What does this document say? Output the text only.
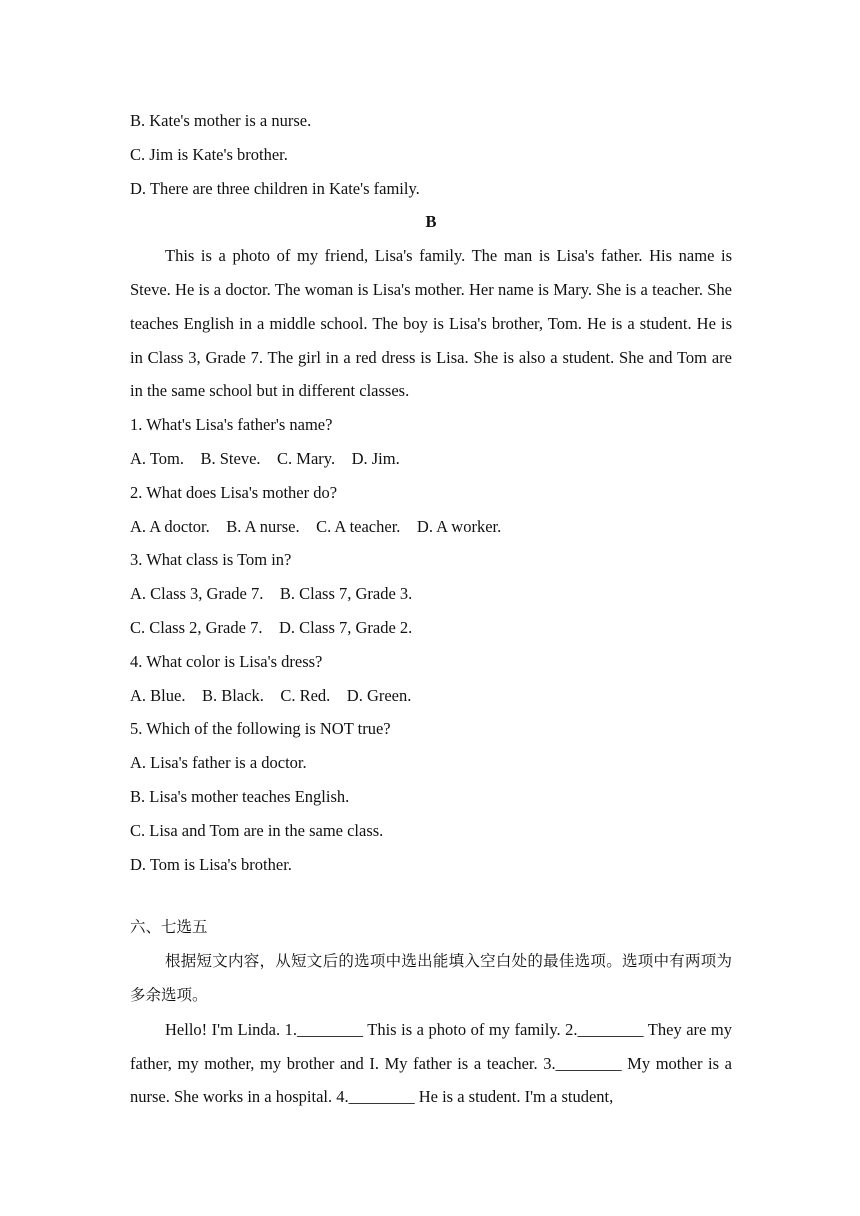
B. Kate's mother is a nurse.
C. Jim is Kate's brother.
D. There are three children in Kate's family.
B

This is a photo of my friend, Lisa's family. The man is Lisa's father. His name is Steve. He is a doctor. The woman is Lisa's mother. Her name is Mary. She is a teacher. She teaches English in a middle school. The boy is Lisa's brother, Tom. He is a student. He is in Class 3, Grade 7. The girl in a red dress is Lisa. She is also a student. She and Tom are in the same school but in different classes.

1. What's Lisa's father's name?
A. Tom.    B. Steve.    C. Mary.    D. Jim.
2. What does Lisa's mother do?
A. A doctor.    B. A nurse.    C. A teacher.    D. A worker.
3. What class is Tom in?
A. Class 3, Grade 7.    B. Class 7, Grade 3.
C. Class 2, Grade 7.    D. Class 7, Grade 2.
4. What color is Lisa's dress?
A. Blue.    B. Black.    C. Red.    D. Green.
5. Which of the following is NOT true?
A. Lisa's father is a doctor.
B. Lisa's mother teaches English.
C. Lisa and Tom are in the same class.
D. Tom is Lisa's brother.
六、七选五

根据短文内容，从短文后的选项中选出能填入空白处的最佳选项。选项中有两项为多余选项。

Hello! I'm Linda. 1.________ This is a photo of my family. 2.________ They are my father, my mother, my brother and I. My father is a teacher. 3.________ My mother is a nurse. She works in a hospital. 4.________ He is a student. I'm a student,
